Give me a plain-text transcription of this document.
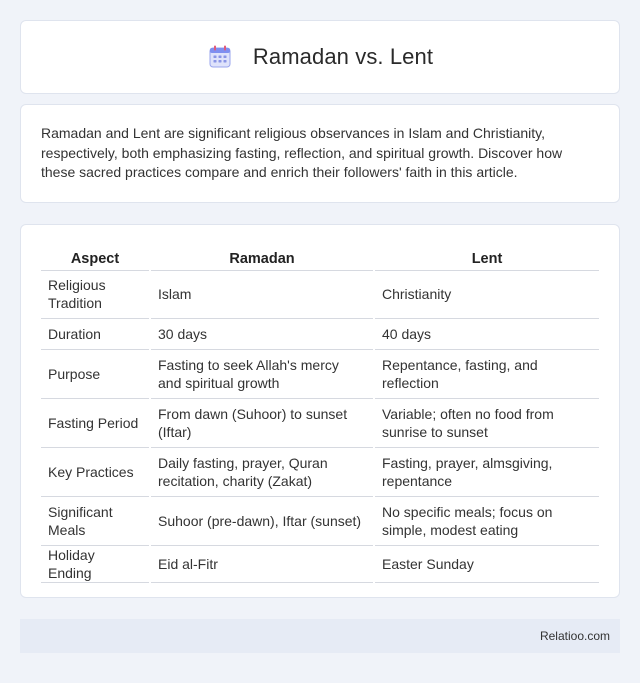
Ramadan vs. Lent

Ramadan and Lent are significant religious observances in Islam and Christianity, respectively, both emphasizing fasting, reflection, and spiritual growth. Discover how these sacred practices compare and enrich their followers' faith in this article.

Aspect	Ramadan	Lent
Religious Tradition	Islam	Christianity
Duration	30 days	40 days
Purpose	Fasting to seek Allah's mercy and spiritual growth	Repentance, fasting, and reflection
Fasting Period	From dawn (Suhoor) to sunset (Iftar)	Variable; often no food from sunrise to sunset
Key Practices	Daily fasting, prayer, Quran recitation, charity (Zakat)	Fasting, prayer, almsgiving, repentance
Significant Meals	Suhoor (pre-dawn), Iftar (sunset)	No specific meals; focus on simple, modest eating
Holiday Ending	Eid al-Fitr	Easter Sunday
Relatioo.com
